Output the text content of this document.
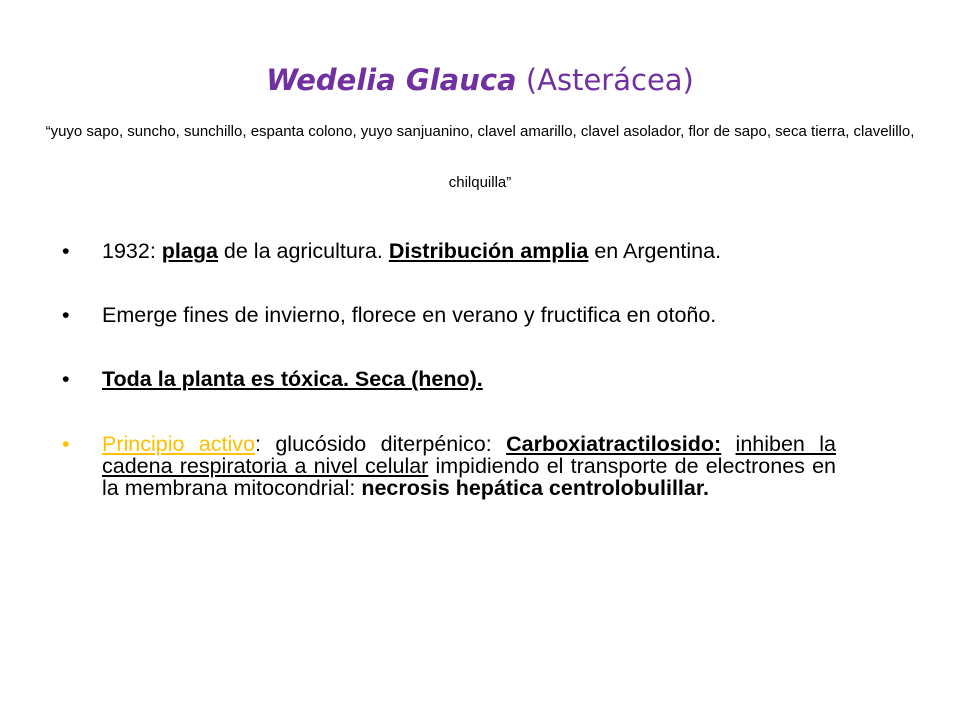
Wedelia Glauca (Asterácea)
“yuyo sapo, suncho, sunchillo, espanta colono, yuyo sanjuanino, clavel amarillo, clavel asolador, flor de sapo, seca tierra, clavelillo, chilquilla”
• 1932: plaga de la agricultura. Distribución amplia en Argentina.
• Emerge fines de invierno, florece en verano y fructifica en otoño.
• Toda la planta es tóxica. Seca (heno).
• Principio activo: glucósido diterpénico: Carboxiatractilosido: inhiben la cadena respiratoria a nivel celular impidiendo el transporte de electrones en la membrana mitocondrial: necrosis hepática centrolobulillar.
